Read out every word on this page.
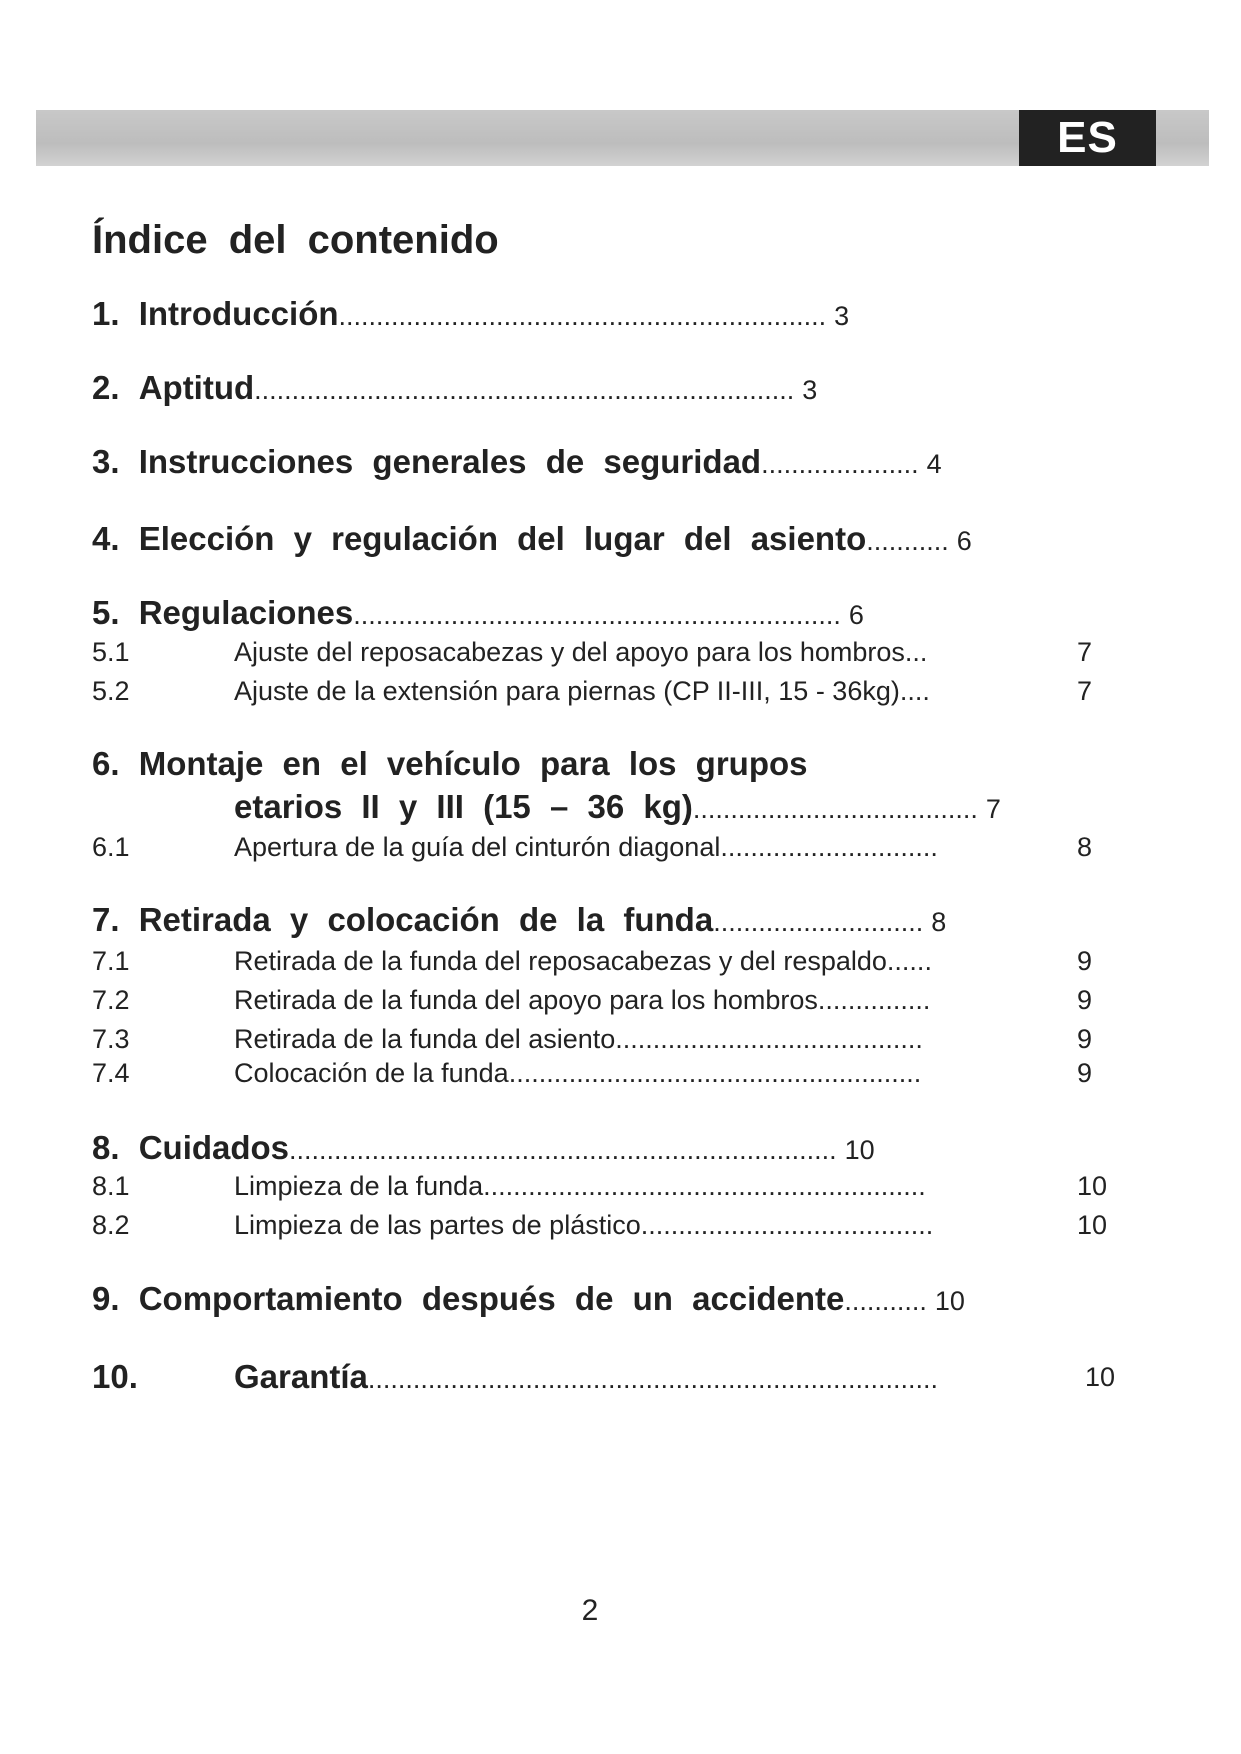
ES
Índice del contenido
1. Introducción................................................................. 3
2. Aptitud........................................................................ 3
3. Instrucciones generales de seguridad..................... 4
4. Elección y regulación del lugar del asiento........... 6
5. Regulaciones................................................................. 6
5.1	Ajuste del reposacabezas y del apoyo para los hombros...	7
5.2	Ajuste de la extensión para piernas (CP II-III, 15 - 36kg)....	7
6. Montaje en el vehículo para los grupos
etarios II y III (15 – 36 kg)...................................... 7
6.1	Apertura de la guía del cinturón diagonal.............................	8
7. Retirada y colocación de la funda............................ 8
7.1	Retirada de la funda del reposacabezas y del respaldo......	9
7.2	Retirada de la funda del apoyo para los hombros...............	9
7.3	Retirada de la funda del asiento.........................................	9
7.4	Colocación de la funda.......................................................	9
8. Cuidados......................................................................... 10
8.1	Limpieza de la funda...........................................................	10
8.2	Limpieza de las partes de plástico.......................................	10
9. Comportamiento después de un accidente........... 10
10.	Garantía............................................................................	10
2
